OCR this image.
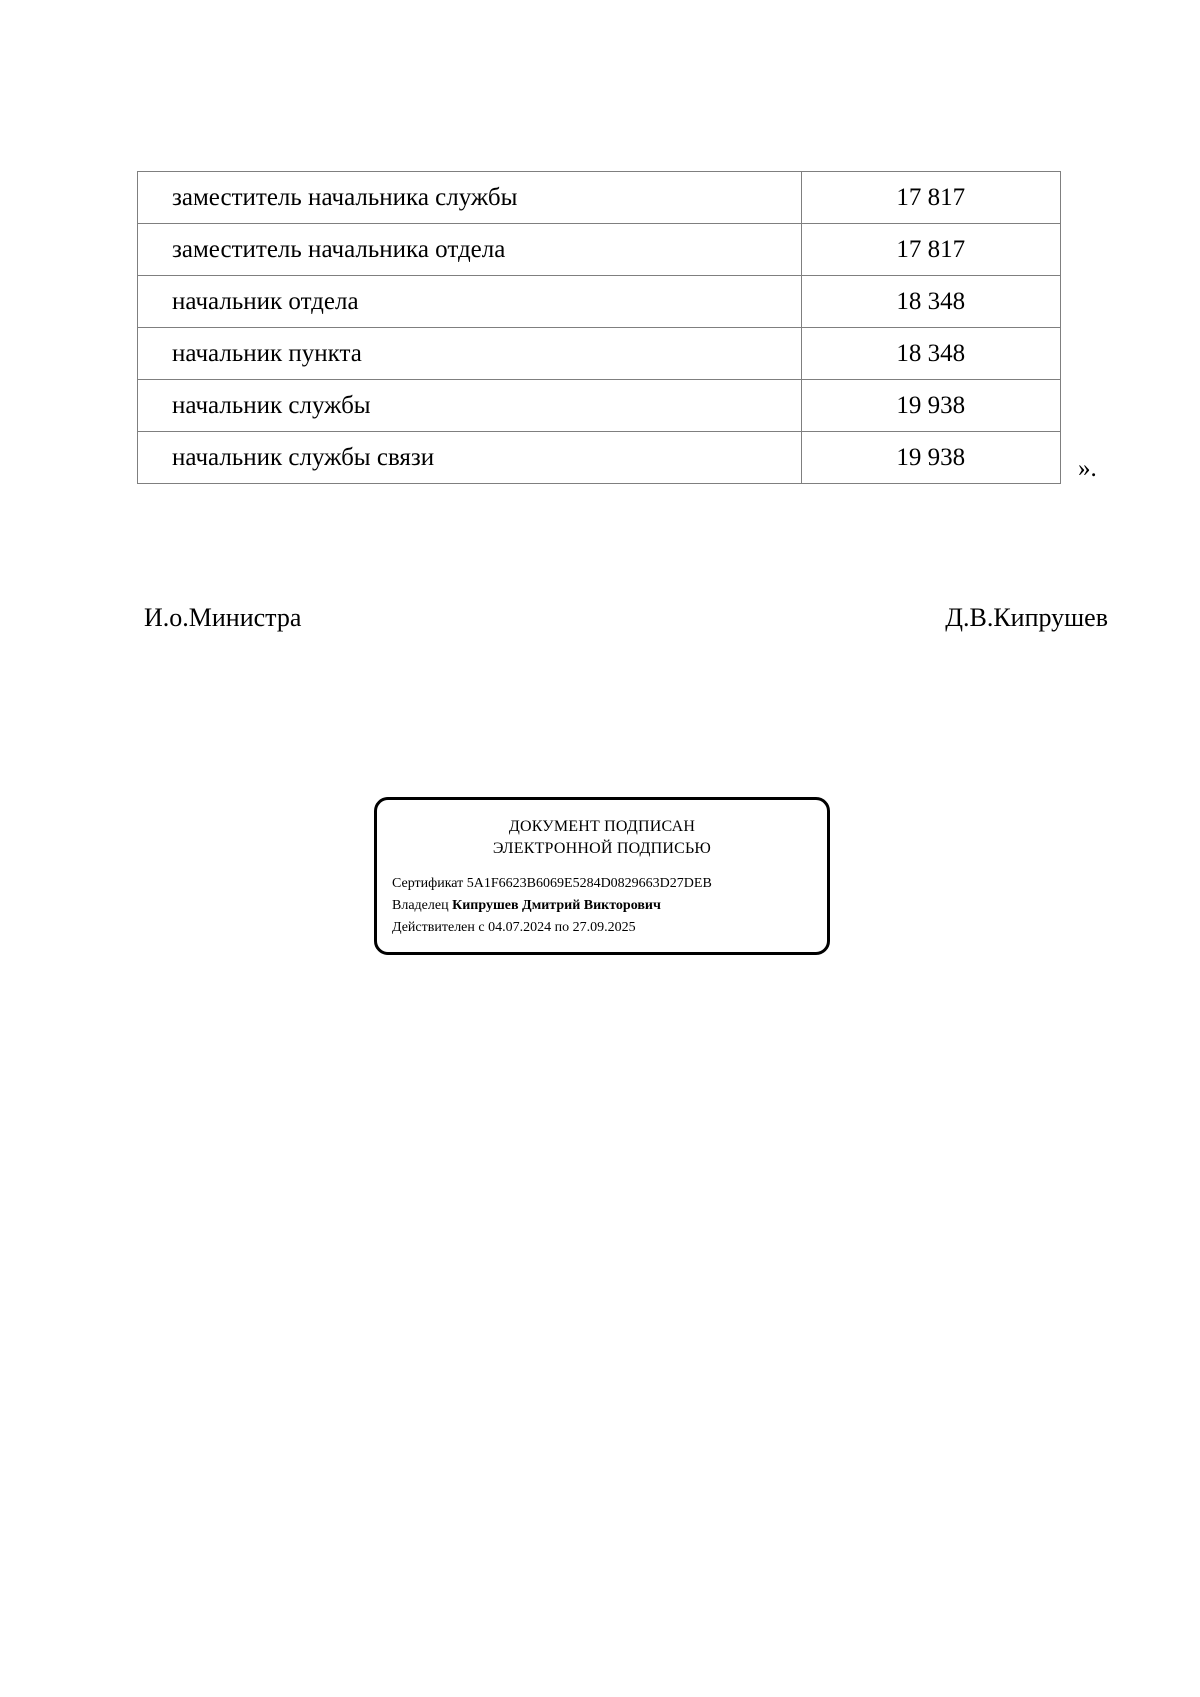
заместитель начальника службы	17 817
заместитель начальника отдела	17 817
начальник отдела	18 348
начальник пункта	18 348
начальник службы	19 938
начальник службы связи	19 938	».
И.о.Министра	Д.В.Кипрушев
ДОКУМЕНТ ПОДПИСАН
ЭЛЕКТРОННОЙ ПОДПИСЬЮ
Сертификат 5A1F6623B6069E5284D0829663D27DEB
Владелец Кипрушев Дмитрий Викторович
Действителен с 04.07.2024 по 27.09.2025
